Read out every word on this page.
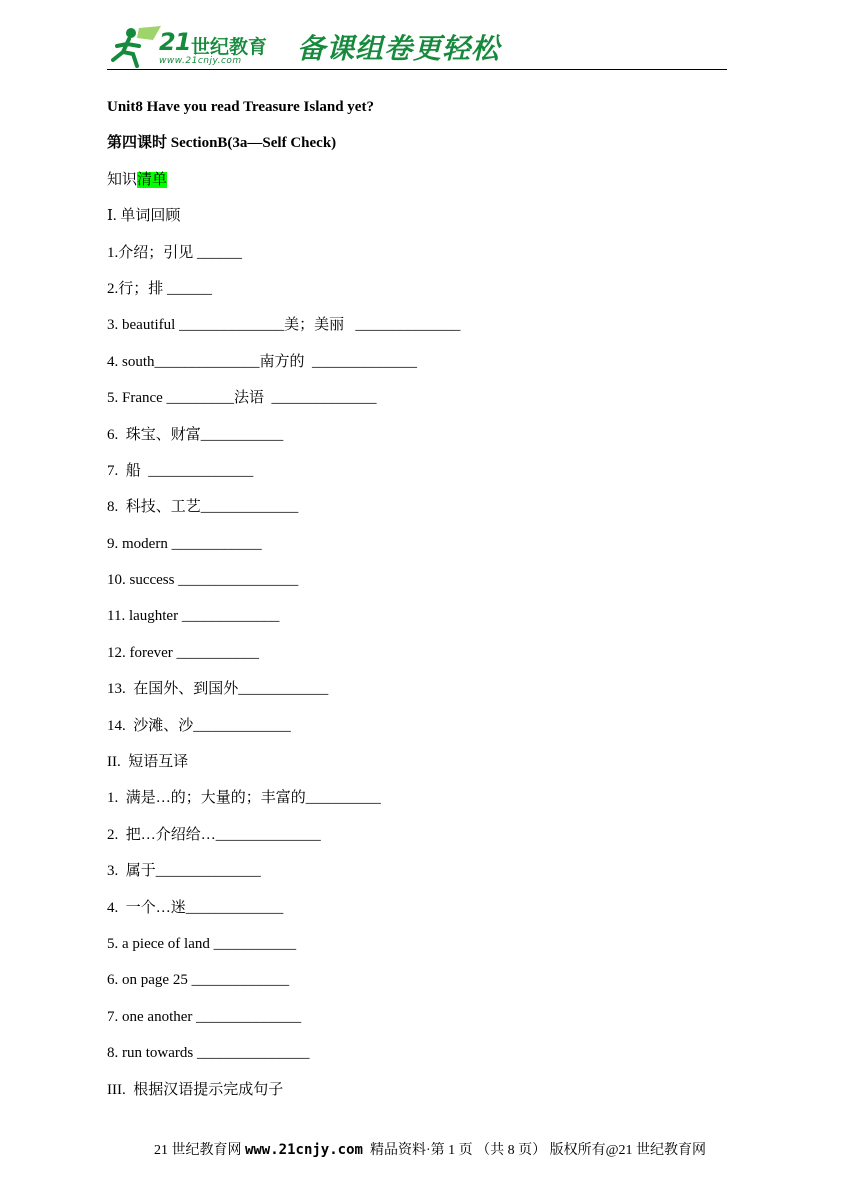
21 世纪教育
www.21cnjy.com 备课组卷更轻松
Unit8 Have you read Treasure Island yet?
第四课时 SectionB(3a—Self Check)
知识清单
Ⅰ. 单词回顾
1.介绍；引见 ______
2.行；排 ______
3. beautiful ______________美；美丽   ______________
4. south______________南方的  ______________
5. France _________法语  ______________
6.  珠宝、财富___________
7.  船  ______________
8.  科技、工艺_____________
9. modern ____________
10. success ________________
11. laughter _____________
12. forever ___________
13.  在国外、到国外____________
14.  沙滩、沙_____________
II.  短语互译
1.  满是…的；大量的；丰富的__________
2.  把…介绍给…______________
3.  属于______________
4.  一个…迷_____________
5. a piece of land ___________
6. on page 25 _____________
7. one another ______________
8. run towards _______________
III.  根据汉语提示完成句子
21 世纪教育网 www.21cnjy.com  精品资料·第 1 页 （共 8 页） 版权所有@21 世纪教育网
